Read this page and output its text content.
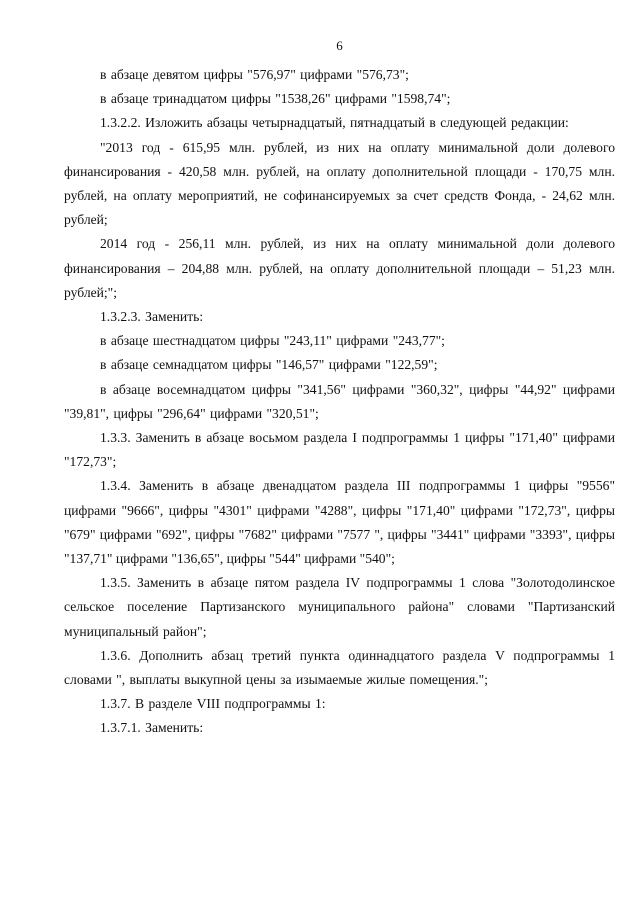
6

в абзаце девятом цифры "576,97" цифрами "576,73";

в абзаце тринадцатом цифры "1538,26" цифрами "1598,74";

1.3.2.2. Изложить абзацы четырнадцатый, пятнадцатый в следующей редакции:

"2013 год - 615,95 млн. рублей, из них на оплату минимальной доли долевого финансирования - 420,58 млн. рублей, на оплату дополнительной площади - 170,75 млн. рублей, на оплату мероприятий, не софинансируемых за счет средств Фонда, - 24,62 млн. рублей;

2014 год - 256,11 млн. рублей, из них на оплату минимальной доли долевого финансирования – 204,88 млн. рублей, на оплату дополнительной площади – 51,23 млн. рублей;";

1.3.2.3. Заменить:

в абзаце шестнадцатом цифры "243,11" цифрами "243,77";

в абзаце семнадцатом цифры "146,57" цифрами "122,59";

в абзаце восемнадцатом цифры "341,56" цифрами "360,32", цифры "44,92" цифрами "39,81", цифры "296,64" цифрами "320,51";

1.3.3. Заменить в абзаце восьмом раздела I подпрограммы 1 цифры "171,40" цифрами "172,73";

1.3.4. Заменить в абзаце двенадцатом раздела III подпрограммы 1 цифры "9556" цифрами "9666", цифры "4301" цифрами "4288", цифры "171,40" цифрами "172,73", цифры "679" цифрами "692", цифры "7682" цифрами "7577 ", цифры "3441" цифрами "3393", цифры "137,71" цифрами "136,65", цифры "544" цифрами "540";

1.3.5. Заменить в абзаце пятом раздела IV подпрограммы 1 слова "Золотодолинское сельское поселение Партизанского муниципального района" словами "Партизанский муниципальный район";

1.3.6. Дополнить абзац третий пункта одиннадцатого раздела V подпрограммы 1 словами ", выплаты выкупной цены за изымаемые жилые помещения.";

1.3.7. В разделе VIII подпрограммы 1:

1.3.7.1. Заменить:
